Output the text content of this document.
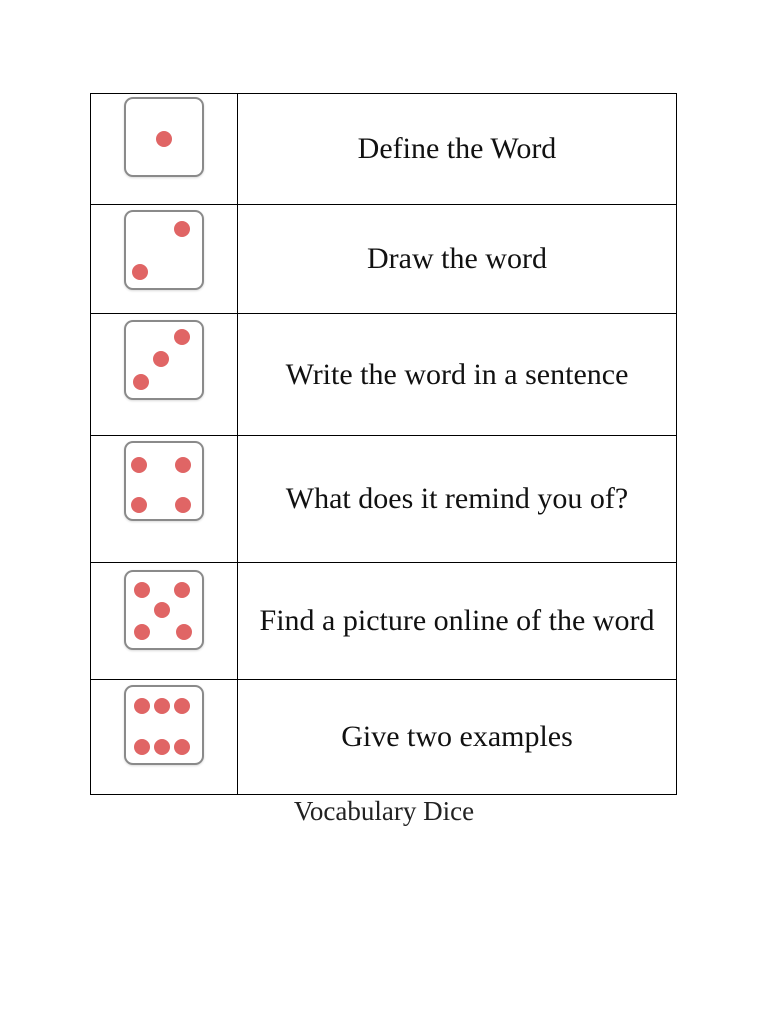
	Define the Word

	Draw the word

	Write the word in a sentence

	What does it remind you of?

	Find a picture online of the word

	Give two examples
Vocabulary Dice
